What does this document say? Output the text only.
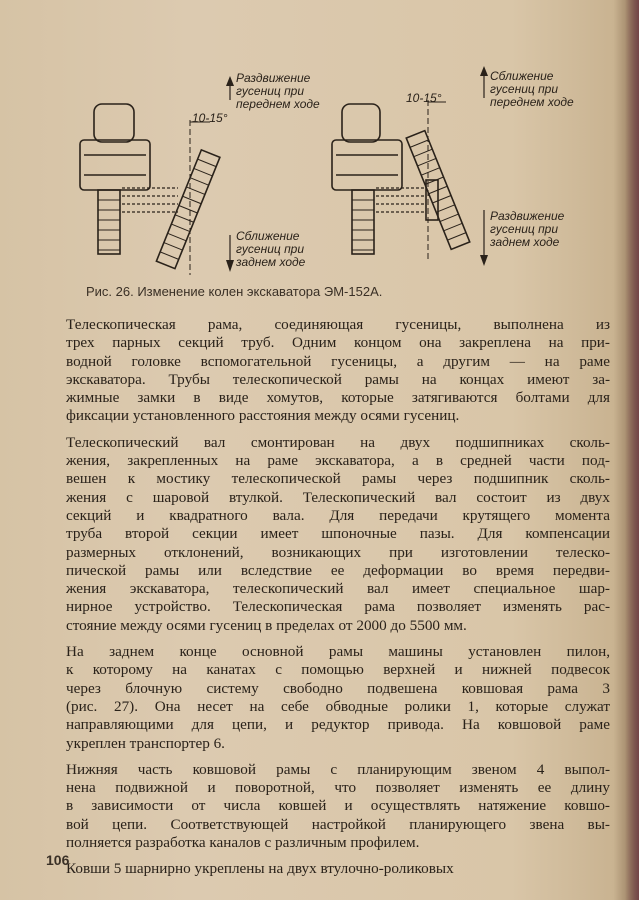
10-15°
Раздвижение
гусениц при
переднем ходе
Сближение
гусениц при
заднем ходе
10-15°
Сближение
гусениц при
переднем ходе
Раздвижение
гусениц при
заднем ходе
Рис. 26. Изменение колен экскаватора ЭМ-152А.

Телескопическая рама, соединяющая гусеницы, выполнена из
трех парных секций труб. Одним концом она закреплена на при-
водной головке вспомогательной гусеницы, а другим — на раме
экскаватора. Трубы телескопической рамы на концах имеют за-
жимные замки в виде хомутов, которые затягиваются болтами для
фиксации установленного расстояния между осями гусениц.

Телескопический вал смонтирован на двух подшипниках сколь-
жения, закрепленных на раме экскаватора, а в средней части под-
вешен к мостику телескопической рамы через подшипник сколь-
жения с шаровой втулкой. Телескопический вал состоит из двух
секций и квадратного вала. Для передачи крутящего момента
труба второй секции имеет шпоночные пазы. Для компенсации
размерных отклонений, возникающих при изготовлении телеско-
пической рамы или вследствие ее деформации во время передви-
жения экскаватора, телескопический вал имеет специальное шар-
нирное устройство. Телескопическая рама позволяет изменять рас-
стояние между осями гусениц в пределах от 2000 до 5500 мм.

На заднем конце основной рамы машины установлен пилон,
к которому на канатах с помощью верхней и нижней подвесок
через блочную систему свободно подвешена ковшовая рама 3
(рис. 27). Она несет на себе обводные ролики 1, которые служат
направляющими для цепи, и редуктор привода. На ковшовой раме
укреплен транспортер 6.

Нижняя часть ковшовой рамы с планирующим звеном 4 выпол-
нена подвижной и поворотной, что позволяет изменять ее длину
в зависимости от числа ковшей и осуществлять натяжение ковшо-
вой цепи. Соответствующей настройкой планирующего звена вы-
полняется разработка каналов с различным профилем.

Ковши 5 шарнирно укреплены на двух втулочно-роликовых

106
